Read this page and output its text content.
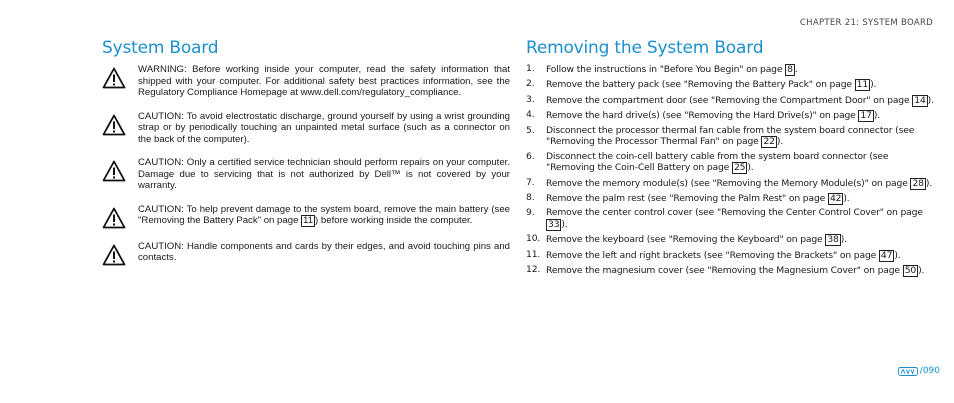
CHAPTER 21: SYSTEM BOARD
System Board
WARNING: Before working inside your computer, read the safety information that shipped with your computer. For additional safety best practices information, see the Regulatory Compliance Homepage at www.dell.com/regulatory_compliance.
CAUTION: To avoid electrostatic discharge, ground yourself by using a wrist grounding strap or by periodically touching an unpainted metal surface (such as a connector on the back of the computer).
CAUTION: Only a certified service technician should perform repairs on your computer. Damage due to servicing that is not authorized by Dell™ is not covered by your warranty.
CAUTION: To help prevent damage to the system board, remove the main battery (see "Removing the Battery Pack" on page 11 ) before working inside the computer.
CAUTION: Handle components and cards by their edges, and avoid touching pins and contacts.
Removing the System Board
1.	Follow the instructions in "Before You Begin" on page 8 .
2.	Remove the battery pack (see "Removing the Battery Pack" on page 11 ).
3.	Remove the compartment door (see "Removing the Compartment Door" on page 14 ).
4.	Remove the hard drive(s) (see "Removing the Hard Drive(s)" on page 17 ).
5.	Disconnect the processor thermal fan cable from the system board connector (see "Removing the Processor Thermal Fan" on page 22 ).
6.	Disconnect the coin-cell battery cable from the system board connector (see "Removing the Coin-Cell Battery on page 25 ).
7.	Remove the memory module(s) (see "Removing the Memory Module(s)" on page 28 ).
8.	Remove the palm rest (see "Removing the Palm Rest" on page 42 ).
9.	Remove the center control cover (see "Removing the Center Control Cover" on page 33 ).
10. Remove the keyboard (see "Removing the Keyboard" on page 38 ).
11. Remove the left and right brackets (see "Removing the Brackets" on page 47 ).
12. Remove the magnesium cover (see "Removing the Magnesium Cover" on page 50 ).
/090
